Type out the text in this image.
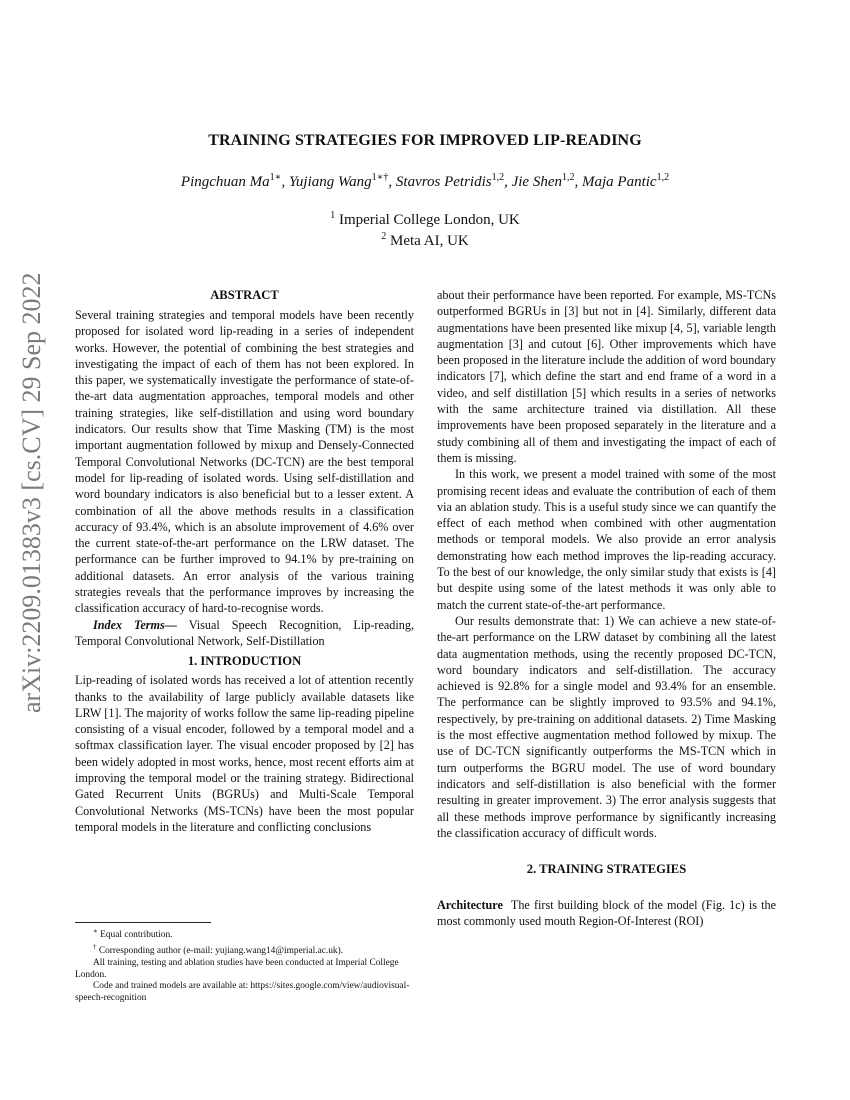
TRAINING STRATEGIES FOR IMPROVED LIP-READING
Pingchuan $Ma^{1∗}$, Yujiang Wang$^{1∗\dagger}$, Stavros Petridis$^{1,2}$, Jie Shen$^{1,2}$, Maja Pantic$^{1,2}$
$^1$ Imperial College London, UK
$^2$ Meta AI, UK
arXiv:2209.01383v3 [cs.CV] 29 Sep 2022	ABSTRACT

Several training strategies and temporal models have been recently proposed for isolated word lip-reading in a series of independent works. However, the potential of combining the best strategies and investigating the impact of each of them has not been explored. In this paper, we systematically investigate the performance of state-of-the-art data augmentation approaches, temporal models and other training strategies, like self-distillation and using word boundary indicators. Our results show that Time Masking (TM) is the most important augmentation followed by mixup and Densely-Connected Temporal Convolutional Networks (DC-TCN) are the best temporal model for lip-reading of isolated words. Using self-distillation and word boundary indicators is also beneficial but to a lesser extent. A combination of all the above methods results in a classification accuracy of 93.4%, which is an absolute improvement of 4.6% over the current state-of-the-art performance on the LRW dataset. The performance can be further improved to 94.1% by pre-training on additional datasets. An error analysis of the various training strategies reveals that the performance improves by increasing the classification accuracy of hard-to-recognise words.

Index Terms— Visual Speech Recognition, Lip-reading, Temporal Convolutional Network, Self-Distillation

1. INTRODUCTION

Lip-reading of isolated words has received a lot of attention recently thanks to the availability of large publicly available datasets like LRW [1]. The majority of works follow the same lip-reading pipeline consisting of a visual encoder, followed by a temporal model and a softmax classification layer. The visual encoder proposed by [2] has been widely adopted in most works, hence, most recent efforts aim at improving the temporal model or the training strategy. Bidirectional Gated Recurrent Units (BGRUs) and Multi-Scale Temporal Convolutional Networks (MS-TCNs) have been the most popular temporal models in the literature and conflicting conclusions

∗ Equal contribution.

† Corresponding author (e-mail: yujiang.wang14@imperial.ac.uk).

All training, testing and ablation studies have been conducted at Imperial College London.

Code and trained models are available at: https://sites.google.com/view/audiovisual-speech-recognition

about their performance have been reported. For example, MS-TCNs outperformed BGRUs in [3] but not in [4]. Similarly, different data augmentations have been presented like mixup [4, 5], variable length augmentation [3] and cutout [6]. Other improvements which have been proposed in the literature include the addition of word boundary indicators [7], which define the start and end frame of a word in a video, and self distillation [5] which results in a series of networks with the same architecture trained via distillation. All these improvements have been proposed separately in the literature and a study combining all of them and investigating the impact of each of them is missing.

In this work, we present a model trained with some of the most promising recent ideas and evaluate the contribution of each of them via an ablation study. This is a useful study since we can quantify the effect of each method when combined with other augmentation methods or temporal models. We also provide an error analysis demonstrating how each method improves the lip-reading accuracy. To the best of our knowledge, the only similar study that exists is [4] but despite using some of the latest methods it was only able to match the current state-of-the-art performance.

Our results demonstrate that: 1) We can achieve a new state-of-the-art performance on the LRW dataset by combining all the latest data augmentation methods, using the recently proposed DC-TCN, word boundary indicators and self-distillation. The accuracy achieved is 92.8% for a single model and 93.4% for an ensemble. The performance can be slightly improved to 93.5% and 94.1%, respectively, by pre-training on additional datasets. 2) Time Masking is the most effective augmentation method followed by mixup. The use of DC-TCN significantly outperforms the MS-TCN which in turn outperforms the BGRU model. The use of word boundary indicators and self-distillation is also beneficial with the former resulting in greater improvement. 3) The error analysis suggests that all these methods improve performance by significantly increasing the classification accuracy of difficult words.

2. TRAINING STRATEGIES

Architecture The first building block of the model (Fig. 1c) is the most commonly used mouth Region-Of-Interest (ROI)
